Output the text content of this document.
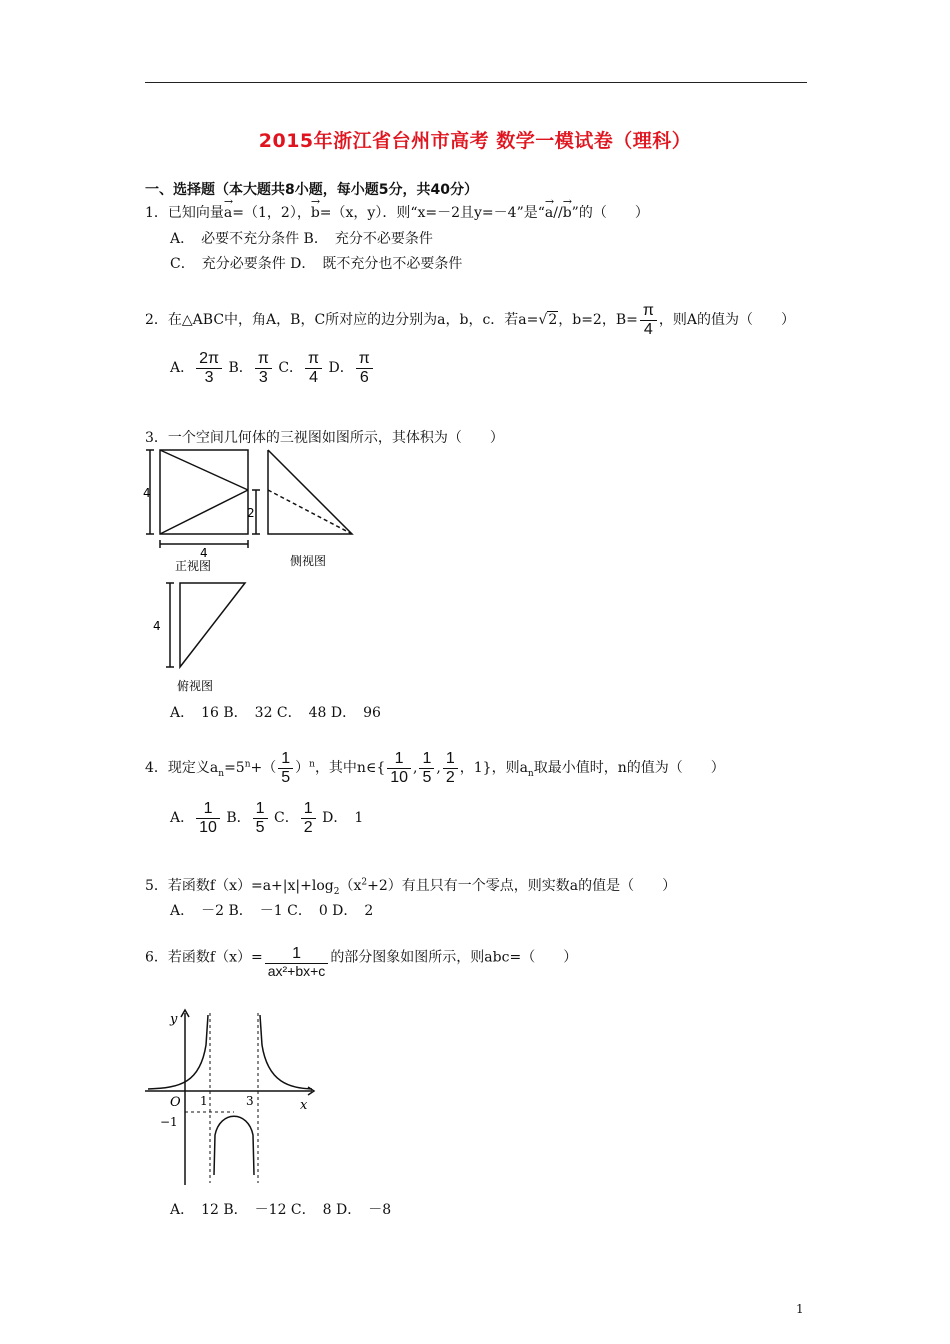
2015年浙江省台州市高考 数学一模试卷（理科）
一、选择题（本大题共8小题，每小题5分，共40分）
1．已知向量→ a=（1，2），→ b=（x，y）．则“x=－2且y=－4”是“→ a//→ b”的（　　）
A．　必要不充分条件 B．　充分不必要条件
C．　充分必要条件 D．　既不充分也不必要条件
2．在△ABC中，角A，B，C所对应的边分别为a，b，c．若a=√2，b=2，$B= \frac{\pi}{4}$ ，则A的值为（　　）
A． $\frac{2\pi}{3}$ B． $\frac{\pi}{3}$ C． $\frac{\pi}{4}$ D． $\frac{\pi}{6}$
3．一个空间几何体的三视图如图所示，其体积为（　　）
4
2
4
4
正视图	侧视图
俯视图
A．　16 B．　32 C．　48 D．　96
4．现定义$a_n=5^n+( \frac{1}{5} )^n$，其中n∈{ $\frac{1}{10}$ , $\frac{1}{5}$ , $\frac{1}{2}$ ，1}，则$a_n$取最小值时，n的值为（　　）
A． $\frac{1}{10}$ B． $\frac{1}{5}$ C． $\frac{1}{2}$ D．　1
5．若函数$f(x)=a+|x|+\log_2(x^2+2)$有且只有一个零点，则实数a的值是（　　）
A．　－2 B．　－1 C．　0 D．　2
6．若函数$f(x)= \frac{1}{\text{ax²+bx+c}}$ 的部分图象如图所示，则abc=（　　）
y
x
O 1	3
−1
A．　12 B．　－12 C．　8 D．　－8
1
